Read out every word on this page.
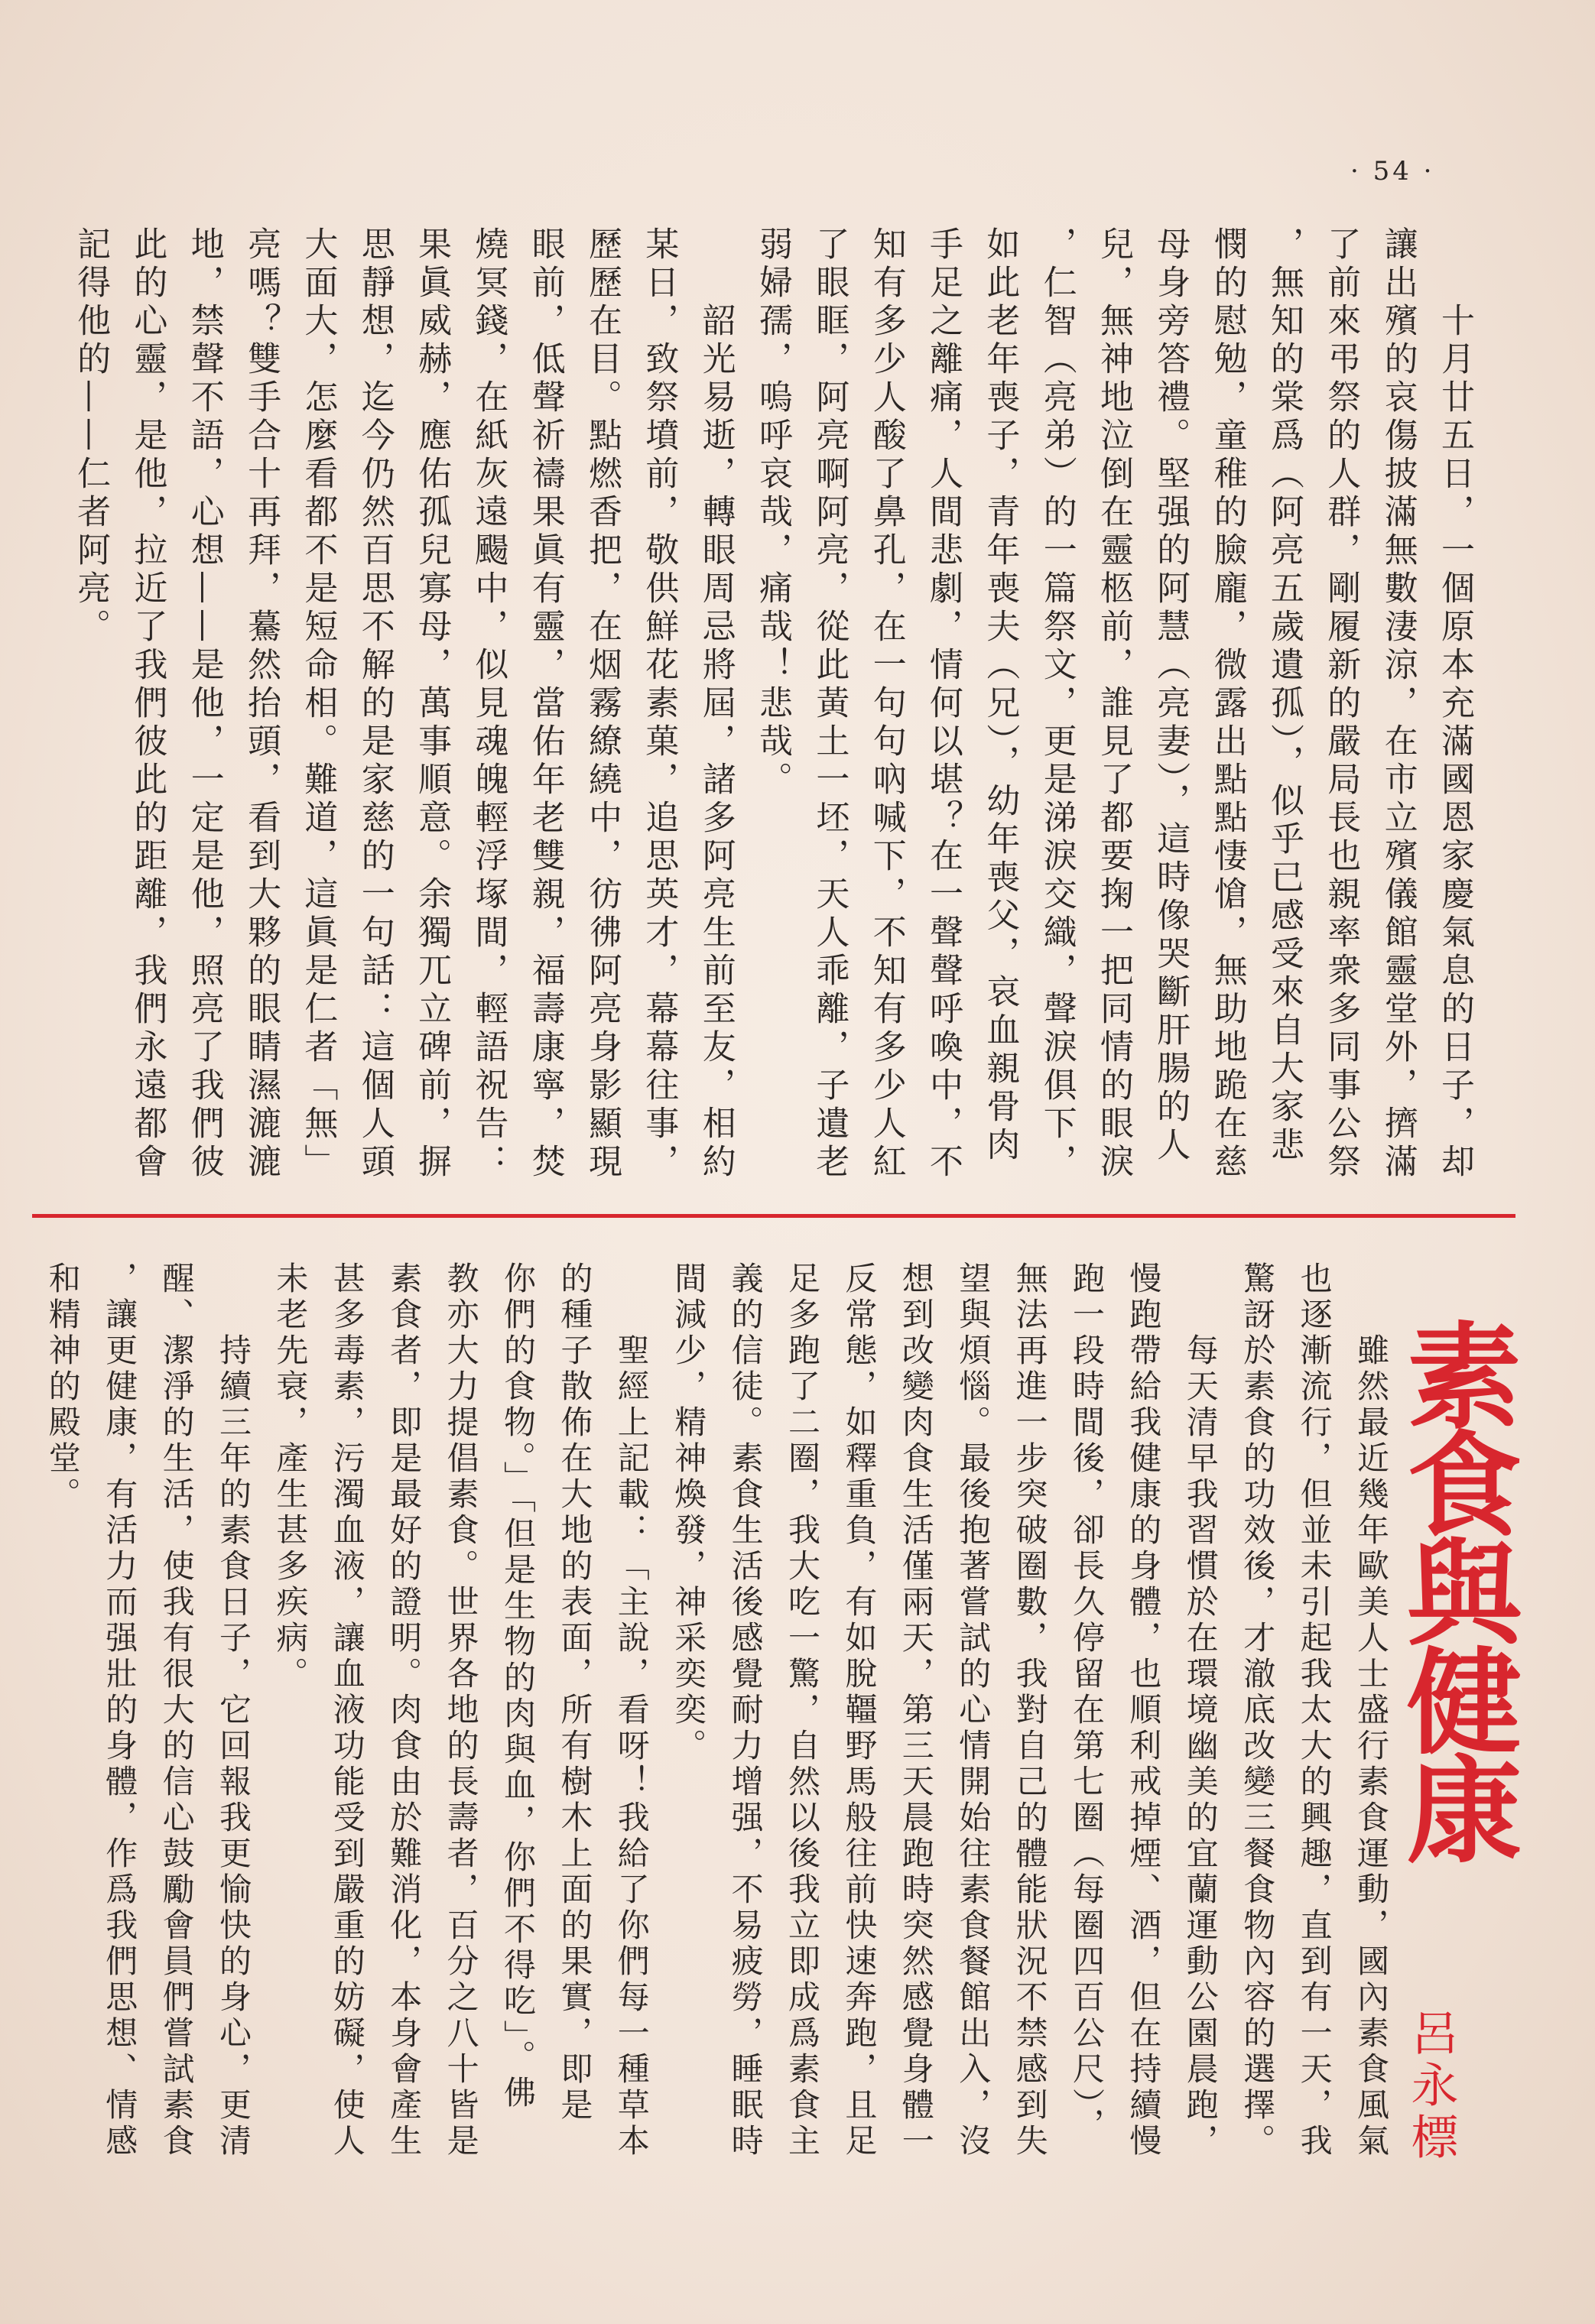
· 54 ·
十月廿五日，一個原本充滿國恩家慶氣息的日子，却
讓出殯的哀傷披滿無數淒涼，在市立殯儀館靈堂外，擠滿
了前來弔祭的人群，剛履新的嚴局長也親率衆多同事公祭
，無知的棠爲（阿亮五歲遺孤），似乎已感受來自大家悲
憫的慰勉，童稚的臉龐，微露出點點悽愴，無助地跪在慈
母身旁答禮。堅强的阿慧（亮妻），這時像哭斷肝腸的人
兒，無神地泣倒在靈柩前，誰見了都要掬一把同情的眼淚
，仁智（亮弟）的一篇祭文，更是涕淚交織，聲淚俱下，
如此老年喪子，青年喪夫（兄），幼年喪父，哀血親骨肉
手足之離痛，人間悲劇，情何以堪？在一聲聲呼喚中，不
知有多少人酸了鼻孔，在一句句吶喊下，不知有多少人紅
了眼眶，阿亮啊阿亮，從此黃土一坯，天人乖離，子遺老
弱婦孺，嗚呼哀哉，痛哉！悲哉。
韶光易逝，轉眼周忌將屆，諸多阿亮生前至友，相約
某日，致祭墳前，敬供鮮花素菓，追思英才，幕幕往事，
歷歷在目。點燃香把，在烟霧繚繞中，彷彿阿亮身影顯現
眼前，低聲祈禱果眞有靈，當佑年老雙親，福壽康寧，焚
燒冥錢，在紙灰遠颺中，似見魂魄輕浮塚間，輕語祝告：
果眞威赫，應佑孤兒寡母，萬事順意。余獨兀立碑前，摒
思靜想，迄今仍然百思不解的是家慈的一句話：這個人頭
大面大，怎麼看都不是短命相。難道，這眞是仁者「無」
亮嗎？雙手合十再拜，驀然抬頭，看到大夥的眼睛濕漉漉
地，禁聲不語，心想——是他，一定是他，照亮了我們彼
此的心靈，是他，拉近了我們彼此的距離，我們永遠都會
記得他的——仁者阿亮。
素食與健康
呂永標
雖然最近幾年歐美人士盛行素食運動，國內素食風氣
也逐漸流行，但並未引起我太大的興趣，直到有一天，我
驚訝於素食的功效後，才澈底改變三餐食物內容的選擇。
每天清早我習慣於在環境幽美的宜蘭運動公園晨跑，
慢跑帶給我健康的身體，也順利戒掉煙、酒，但在持續慢
跑一段時間後，卻長久停留在第七圈（每圈四百公尺），
無法再進一步突破圈數，我對自己的體能狀況不禁感到失
望與煩惱。最後抱著嘗試的心情開始往素食餐館出入，沒
想到改變肉食生活僅兩天，第三天晨跑時突然感覺身體一
反常態，如釋重負，有如脫韁野馬般往前快速奔跑，且足
足多跑了二圈，我大吃一驚，自然以後我立即成爲素食主
義的信徒。素食生活後感覺耐力增强，不易疲勞，睡眠時
間減少，精神煥發，神采奕奕。
聖經上記載：「主說，看呀！我給了你們每一種草本
的種子散佈在大地的表面，所有樹木上面的果實，即是
你們的食物。」「但是生物的肉與血，你們不得吃」。佛
教亦大力提倡素食。世界各地的長壽者，百分之八十皆是
素食者，即是最好的證明。肉食由於難消化，本身會產生
甚多毒素，污濁血液，讓血液功能受到嚴重的妨礙，使人
未老先衰，產生甚多疾病。
持續三年的素食日子，它回報我更愉快的身心，更清
醒、潔淨的生活，使我有很大的信心鼓勵會員們嘗試素食
，讓更健康，有活力而强壯的身體，作爲我們思想、情感
和精神的殿堂。
